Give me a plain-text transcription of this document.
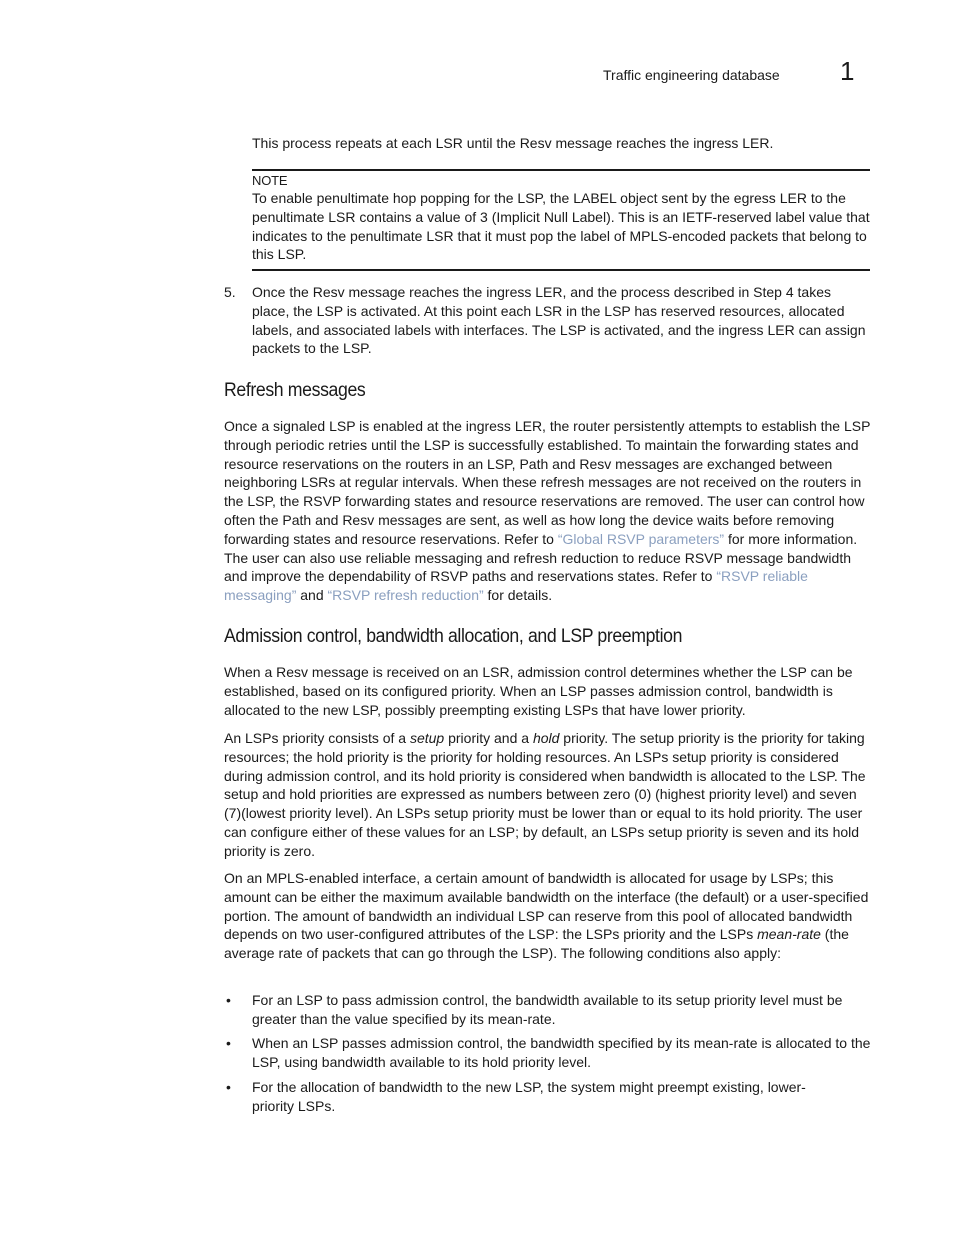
Traffic engineering database 1

This process repeats at each LSR until the Resv message reaches the ingress LER.

NOTE

To enable penultimate hop popping for the LSP, the LABEL object sent by the egress LER to the penultimate LSR contains a value of 3 (Implicit Null Label). This is an IETF-reserved label value that indicates to the penultimate LSR that it must pop the label of MPLS-encoded packets that belong to this LSP.

5. Once the Resv message reaches the ingress LER, and the process described in Step 4 takes place, the LSP is activated. At this point each LSR in the LSP has reserved resources, allocated labels, and associated labels with interfaces. The LSP is activated, and the ingress LER can assign packets to the LSP.

Refresh messages

Once a signaled LSP is enabled at the ingress LER, the router persistently attempts to establish the LSP through periodic retries until the LSP is successfully established. To maintain the forwarding states and resource reservations on the routers in an LSP, Path and Resv messages are exchanged between neighboring LSRs at regular intervals. When these refresh messages are not received on the routers in the LSP, the RSVP forwarding states and resource reservations are removed. The user can control how often the Path and Resv messages are sent, as well as how long the device waits before removing forwarding states and resource reservations. Refer to “Global RSVP parameters” for more information. The user can also use reliable messaging and refresh reduction to reduce RSVP message bandwidth and improve the dependability of RSVP paths and reservations states. Refer to “RSVP reliable messaging” and “RSVP refresh reduction” for details.

Admission control, bandwidth allocation, and LSP preemption

When a Resv message is received on an LSR, admission control determines whether the LSP can be established, based on its configured priority. When an LSP passes admission control, bandwidth is allocated to the new LSP, possibly preempting existing LSPs that have lower priority.

An LSPs priority consists of a setup priority and a hold priority. The setup priority is the priority for taking resources; the hold priority is the priority for holding resources. An LSPs setup priority is considered during admission control, and its hold priority is considered when bandwidth is allocated to the LSP. The setup and hold priorities are expressed as numbers between zero (0) (highest priority level) and seven (7)(lowest priority level). An LSPs setup priority must be lower than or equal to its hold priority. The user can configure either of these values for an LSP; by default, an LSPs setup priority is seven and its hold priority is zero.

On an MPLS-enabled interface, a certain amount of bandwidth is allocated for usage by LSPs; this amount can be either the maximum available bandwidth on the interface (the default) or a user-specified portion. The amount of bandwidth an individual LSP can reserve from this pool of allocated bandwidth depends on two user-configured attributes of the LSP: the LSPs priority and the LSPs mean-rate (the average rate of packets that can go through the LSP). The following conditions also apply:

• For an LSP to pass admission control, the bandwidth available to its setup priority level must be greater than the value specified by its mean-rate.

• When an LSP passes admission control, the bandwidth specified by its mean-rate is allocated to the LSP, using bandwidth available to its hold priority level.

• For the allocation of bandwidth to the new LSP, the system might preempt existing, lower-priority LSPs.
